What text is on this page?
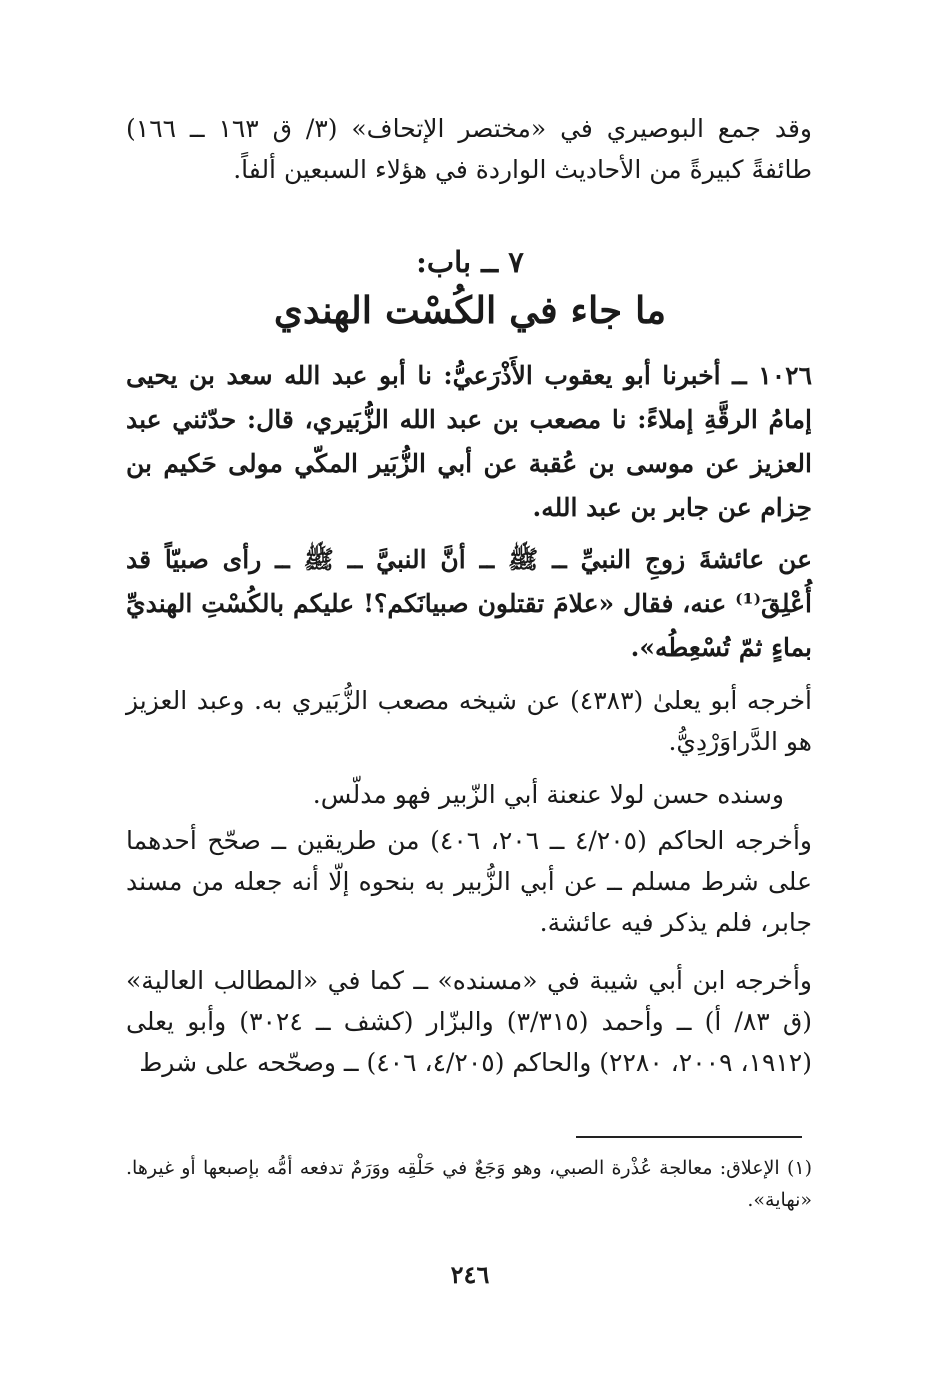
وقد جمع البوصيري في «مختصر الإتحاف» (٣/ ق ١٦٣ ــ ١٦٦) طائفةً كبيرةً من الأحاديث الواردة في هؤلاء السبعين ألفاً.

٧ ــ باب:
ما جاء في الكُسْت الهندي

١٠٢٦ ــ أخبرنا أبو يعقوب الأَذْرَعيُّ: نا أبو عبد الله سعد بن يحيى إمامُ الرقَّةِ إملاءً: نا مصعب بن عبد الله الزُّبَيري، قال: حدّثني عبد العزيز عن موسى بن عُقبة عن أبي الزُّبَير المكّي مولى حَكيم بن حِزام عن جابر بن عبد الله.

عن عائشةَ زوجِ النبيِّ ــ ﷺ ــ أنَّ النبيَّ ــ ﷺ ــ رأى صبيّاً قد أُعْلِقَ⁽¹⁾ عنه، فقال «علامَ تقتلون صبيانَكم؟! عليكم بالكُسْتِ الهنديِّ بماءٍ ثمّ تُسْعِطُه».

أخرجه أبو يعلىٰ (٤٣٨٣) عن شيخه مصعب الزُّبَيري به. وعبد العزيز هو الدَّراوَرْدِيُّ.

وسنده حسن لولا عنعنة أبي الزّبير فهو مدلّس.

وأخرجه الحاكم (٤/٢٠٥ ــ ٢٠٦، ٤٠٦) من طريقين ــ صحّح أحدهما على شرط مسلم ــ عن أبي الزُّبير به بنحوه إلّا أنه جعله من مسند جابر، فلم يذكر فيه عائشة.

وأخرجه ابن أبي شيبة في «مسنده» ــ كما في «المطالب العالية» (ق ٨٣/ أ) ــ وأحمد (٣/٣١٥) والبزّار (كشف ــ ٣٠٢٤) وأبو يعلى (١٩١٢، ٢٠٠٩، ٢٢٨٠) والحاكم (٤/٢٠٥، ٤٠٦) ــ وصحّحه على شرط

(١) الإعلاق: معالجة عُذْرة الصبي، وهو وَجَعٌ في حَلْقِه ووَرَمٌ تدفعه أمُّه بإصبعها أو غيرها. «نهاية».

٢٤٦
